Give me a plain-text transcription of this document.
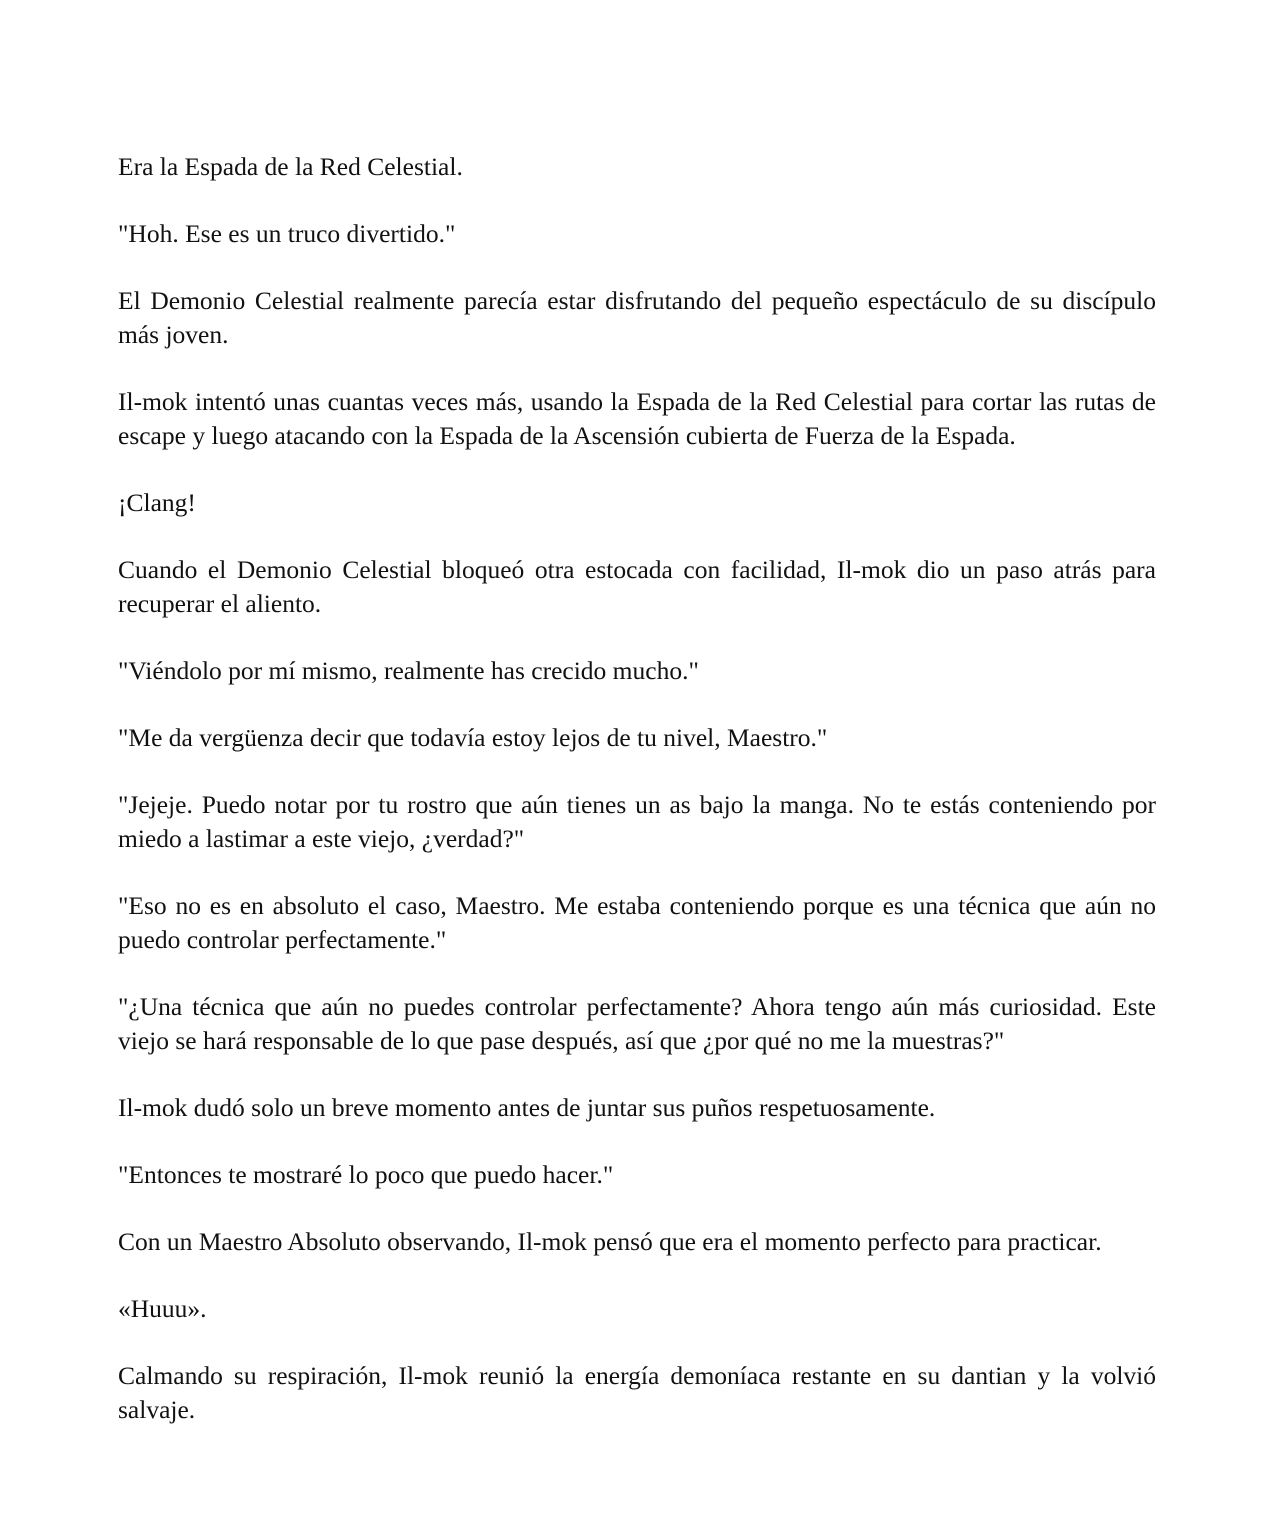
Era la Espada de la Red Celestial.

"Hoh. Ese es un truco divertido."

El Demonio Celestial realmente parecía estar disfrutando del pequeño espectáculo de su discípulo más joven.

Il-mok intentó unas cuantas veces más, usando la Espada de la Red Celestial para cortar las rutas de escape y luego atacando con la Espada de la Ascensión cubierta de Fuerza de la Espada.

¡Clang!

Cuando el Demonio Celestial bloqueó otra estocada con facilidad, Il-mok dio un paso atrás para recuperar el aliento.

"Viéndolo por mí mismo, realmente has crecido mucho."

"Me da vergüenza decir que todavía estoy lejos de tu nivel, Maestro."

"Jejeje. Puedo notar por tu rostro que aún tienes un as bajo la manga. No te estás conteniendo por miedo a lastimar a este viejo, ¿verdad?"

"Eso no es en absoluto el caso, Maestro. Me estaba conteniendo porque es una técnica que aún no puedo controlar perfectamente."

"¿Una técnica que aún no puedes controlar perfectamente? Ahora tengo aún más curiosidad. Este viejo se hará responsable de lo que pase después, así que ¿por qué no me la muestras?"

Il-mok dudó solo un breve momento antes de juntar sus puños respetuosamente.

"Entonces te mostraré lo poco que puedo hacer."

Con un Maestro Absoluto observando, Il-mok pensó que era el momento perfecto para practicar.

«Huuu».

Calmando su respiración, Il-mok reunió la energía demoníaca restante en su dantian y la volvió salvaje.
